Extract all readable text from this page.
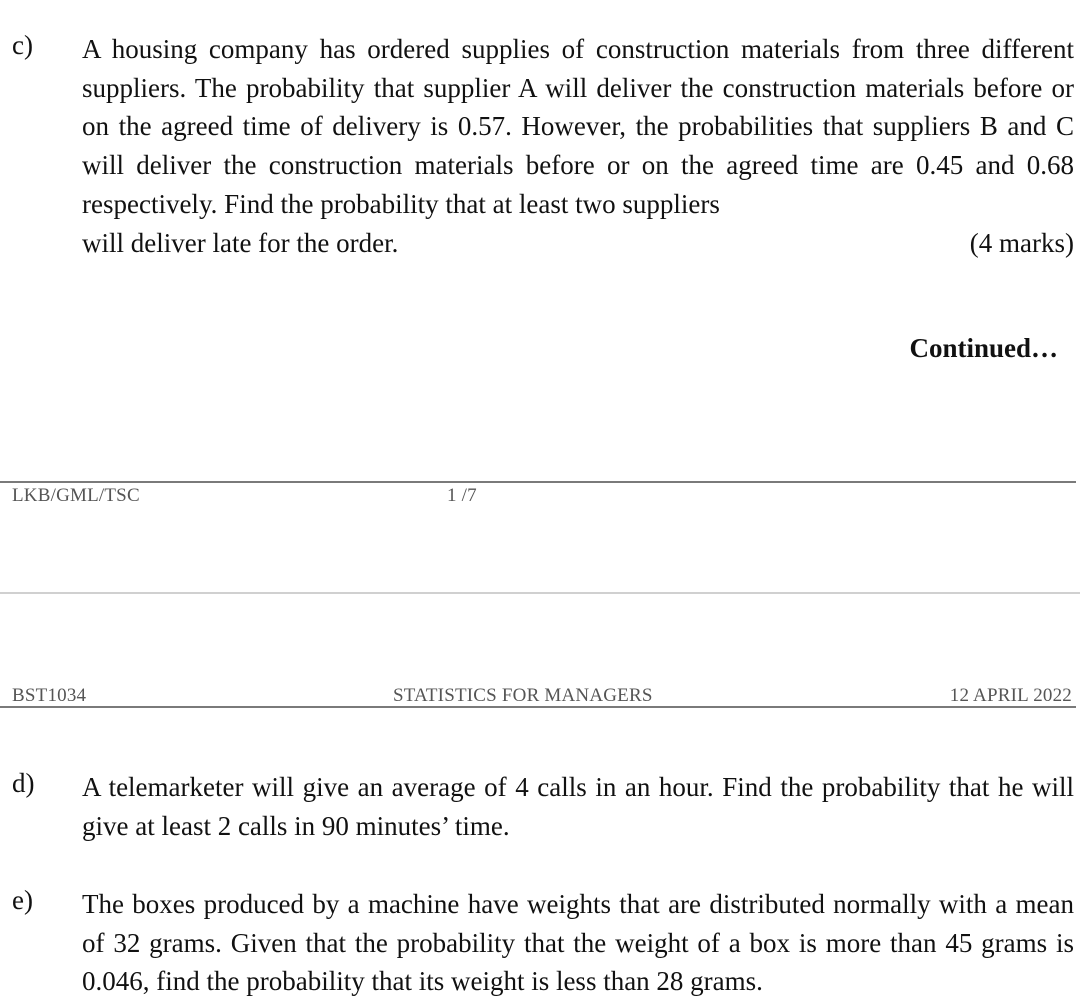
c) A housing company has ordered supplies of construction materials from three different suppliers. The probability that supplier A will deliver the construction materials before or on the agreed time of delivery is 0.57. However, the probabilities that suppliers B and C will deliver the construction materials before or on the agreed time are 0.45 and 0.68 respectively. Find the probability that at least two suppliers
will deliver late for the order.	(4 marks)
Continued…
LKB/GML/TSC	1 /7
BST1034	STATISTICS FOR MANAGERS	12 APRIL 2022
d) A telemarketer will give an average of 4 calls in an hour. Find the probability that he will give at least 2 calls in 90 minutes’ time.
e) The boxes produced by a machine have weights that are distributed normally with a mean of 32 grams. Given that the probability that the weight of a box is more than 45 grams is 0.046, find the probability that its weight is less than 28 grams.
